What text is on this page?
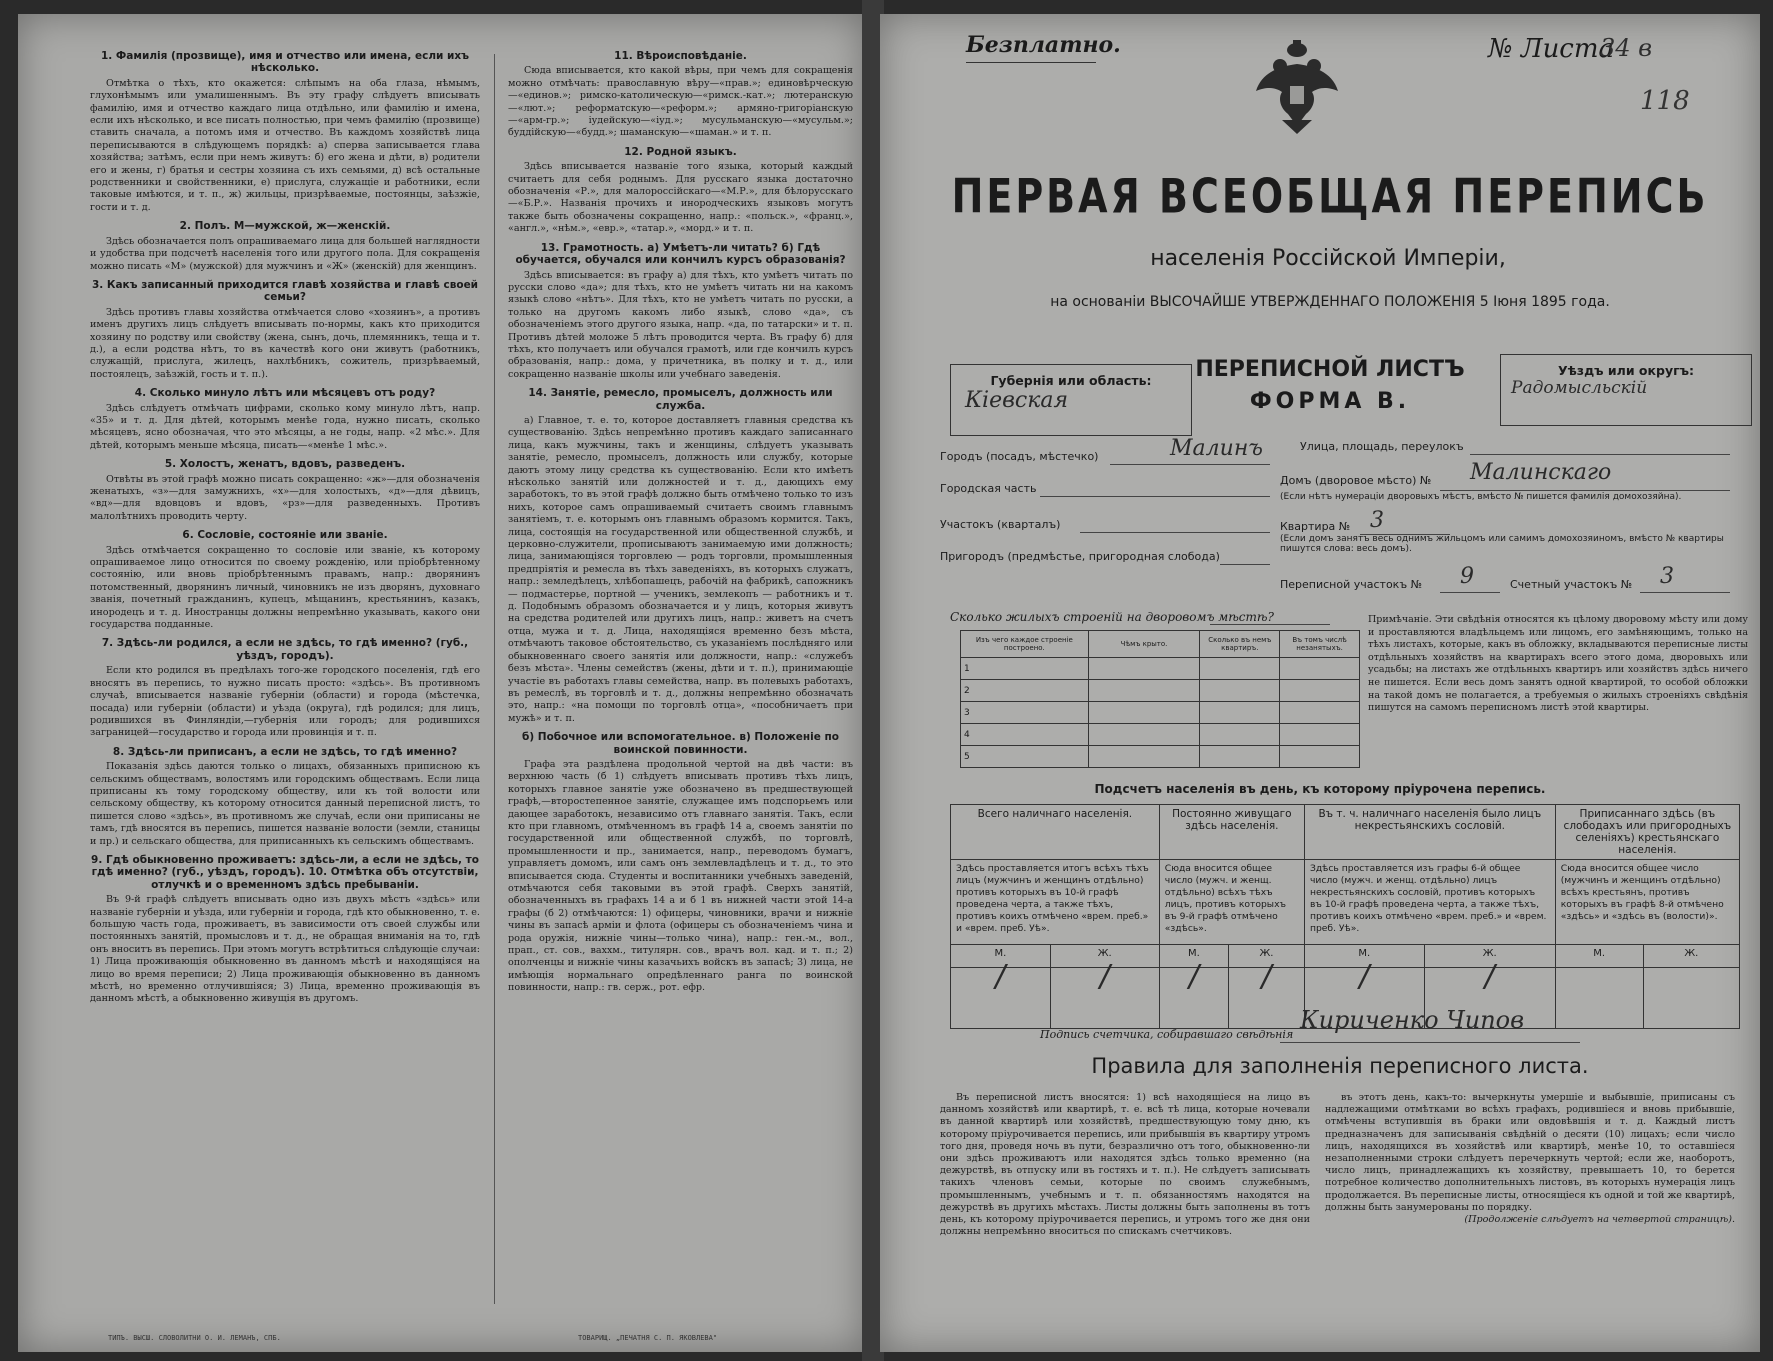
1. Фамилія (прозвище), имя и отчество или имена, если ихъ нѣсколько.

Отмѣтка о тѣхъ, кто окажется: слѣпымъ на оба глаза, нѣмымъ, глухонѣмымъ или умалишеннымъ. Въ эту графу слѣдуетъ вписывать фамилію, имя и отчество каждаго лица отдѣльно, или фамилію и имена, если ихъ нѣсколько, и все писать полностью, при чемъ фамилію (прозвище) ставить сначала, а потомъ имя и отчество. Въ каждомъ хозяйствѣ лица переписываются в слѣдующемъ порядкѣ: а) сперва записывается глава хозяйства; затѣмъ, если при немъ живутъ: б) его жена и дѣти, в) родители его и жены, г) братья и сестры хозяина съ ихъ семьями, д) всѣ остальные родственники и свойственники, е) прислуга, служащіе и работники, если таковые имѣются, и т. п., ж) жильцы, призрѣваемые, постоянцы, заѣзжіе, гости и т. д.

2. Полъ. М—мужской, ж—женскій.

Здѣсь обозначается полъ опрашиваемаго лица для большей наглядности и удобства при подсчетѣ населенія того или другого пола. Для сокращенія можно писать «М» (мужской) для мужчинъ и «Ж» (женскій) для женщинъ.

3. Какъ записанный приходится главѣ хозяйства и главѣ своей семьи?

Здѣсь противъ главы хозяйства отмѣчается слово «хозяинъ», а противъ именъ другихъ лицъ слѣдуетъ вписывать по-нормы, какъ кто приходится хозяину по родству или свойству (жена, сынъ, дочь, племянникъ, теща и т. д.), а если родства нѣтъ, то въ качествѣ кого они живутъ (работникъ, служащій, прислуга, жилецъ, нахлѣбникъ, сожитель, призрѣваемый, постоялецъ, заѣзжій, гость и т. п.).

4. Сколько минуло лѣтъ или мѣсяцевъ отъ роду?

Здѣсь слѣдуетъ отмѣчать цифрами, сколько кому минуло лѣтъ, напр. «35» и т. д. Для дѣтей, которымъ менѣе года, нужно писать, сколько мѣсяцевъ, ясно обозначая, что это мѣсяцы, а не годы, напр. «2 мѣс.». Для дѣтей, которымъ меньше мѣсяца, писать—«менѣе 1 мѣс.».

5. Холостъ, женатъ, вдовъ, разведенъ.

Отвѣты въ этой графѣ можно писать сокращенно: «ж»—для обозначенія женатыхъ, «з»—для замужнихъ, «х»—для холостыхъ, «д»—для дѣвицъ, «вд»—для вдовцовъ и вдовъ, «рз»—для разведенныхъ. Противъ малолѣтнихъ проводить черту.

6. Сословіе, состояніе или званіе.

Здѣсь отмѣчается сокращенно то сословіе или званіе, къ которому опрашиваемое лицо относится по своему рожденію, или пріобрѣтенному состоянію, или вновь пріобрѣтеннымъ правамъ, напр.: дворянинъ потомственный, дворянинъ личный, чиновникъ не изъ дворянъ, духовнаго званія, почетный гражданинъ, купецъ, мѣщанинъ, крестьянинъ, казакъ, инородецъ и т. д. Иностранцы должны непремѣнно указывать, какого они государства подданные.

7. Здѣсь-ли родился, а если не здѣсь, то гдѣ именно? (губ., уѣздъ, городъ).

Если кто родился въ предѣлахъ того-же городского поселенія, гдѣ его вносятъ въ перепись, то нужно писать просто: «здѣсь». Въ противномъ случаѣ, вписывается названіе губерніи (области) и города (мѣстечка, посада) или губерніи (области) и уѣзда (округа), гдѣ родился; для лицъ, родившихся въ Финляндіи,—губернія или городъ; для родившихся заграницей—государство и города или провинція и т. п.

8. Здѣсь-ли приписанъ, а если не здѣсь, то гдѣ именно?

Показанія здѣсь даются только о лицахъ, обязанныхъ приписною къ сельскимъ обществамъ, волостямъ или городскимъ обществамъ. Если лица приписаны къ тому городскому обществу, или къ той волости или сельскому обществу, къ которому относится данный переписной листъ, то пишется слово «здѣсь», въ противномъ же случаѣ, если они приписаны не тамъ, гдѣ вносятся въ перепись, пишется названіе волости (земли, станицы и пр.) и сельскаго общества, для приписанныхъ къ сельскимъ обществамъ.

9. Гдѣ обыкновенно проживаетъ: здѣсь-ли, а если не здѣсь, то гдѣ именно? (губ., уѣздъ, городъ). 10. Отмѣтка объ отсутствіи, отлучкѣ и о временномъ здѣсь пребываніи.

Въ 9-й графѣ слѣдуетъ вписывать одно изъ двухъ мѣстъ «здѣсь» или названіе губерніи и уѣзда, или губерніи и города, гдѣ кто обыкновенно, т. е. большую часть года, проживаетъ, въ зависимости отъ своей службы или постоянныхъ занятій, промысловъ и т. д., не обращая вниманія на то, гдѣ онъ вноситъ въ перепись. При этомъ могутъ встрѣтиться слѣдующіе случаи: 1) Лица проживающія обыкновенно въ данномъ мѣстѣ и находящіяся на лицо во время переписи; 2) Лица проживающія обыкновенно въ данномъ мѣстѣ, но временно отлучившіяся; 3) Лица, временно проживающія въ данномъ мѣстѣ, а обыкновенно живущія въ другомъ.

11. Вѣроисповѣданіе.

Сюда вписывается, кто какой вѣры, при чемъ для сокращенія можно отмѣчать: православную вѣру—«прав.»; единовѣрческую—«единов.»; римско-католическую—«римск.-кат.»; лютеранскую—«лют.»; реформатскую—«реформ.»; армяно-григоріанскую—«арм-гр.»; іудейскую—«іуд.»; мусульманскую—«мусульм.»; буддійскую—«будд.»; шаманскую—«шаман.» и т. п.

12. Родной языкъ.

Здѣсь вписывается названіе того языка, который каждый считаетъ для себя роднымъ. Для русскаго языка достаточно обозначенія «Р.», для малороссійскаго—«М.Р.», для бѣлорусскаго—«Б.Р.». Названія прочихъ и инородческихъ языковъ могутъ также быть обозначены сокращенно, напр.: «польск.», «франц.», «англ.», «нѣм.», «евр.», «татар.», «морд.» и т. п.

13. Грамотность. а) Умѣетъ-ли читать? б) Гдѣ обучается, обучался или кончилъ курсъ образованія?

Здѣсь вписывается: въ графу а) для тѣхъ, кто умѣетъ читать по русски слово «да»; для тѣхъ, кто не умѣетъ читать ни на какомъ языкѣ слово «нѣтъ». Для тѣхъ, кто не умѣетъ читать по русски, а только на другомъ какомъ либо языкѣ, слово «да», съ обозначеніемъ этого другого языка, напр. «да, по татарски» и т. п. Противъ дѣтей моложе 5 лѣтъ проводится черта. Въ графу б) для тѣхъ, кто получаетъ или обучался грамотѣ, или где кончилъ курсъ образованія, напр.: дома, у причетника, въ полку и т. д., или сокращенно названіе школы или учебнаго заведенія.

14. Занятіе, ремесло, промыселъ, должность или служба.

а) Главное, т. е. то, которое доставляетъ главныя средства къ существованію. Здѣсь непремѣнно противъ каждаго записаннаго лица, какъ мужчины, такъ и женщины, слѣдуетъ указывать занятіе, ремесло, промыселъ, должность или службу, которые даютъ этому лицу средства къ существованію. Если кто имѣетъ нѣсколько занятій или должностей и т. д., дающихъ ему заработокъ, то въ этой графѣ должно быть отмѣчено только то изъ нихъ, которое самъ опрашиваемый считаетъ своимъ главнымъ занятіемъ, т. е. которымъ онъ главнымъ образомъ кормится. Такъ, лица, состоящія на государственной или общественной службѣ, и церковно-служители, прописываютъ занимаемую ими должность; лица, занимающіяся торговлею — родъ торговли, промышленныя предпріятія и ремесла въ тѣхъ заведеніяхъ, въ которыхъ служатъ, напр.: земледѣлецъ, хлѣбопашецъ, рабочій на фабрикѣ, сапожникъ — подмастерье, портной — ученикъ, землекопъ — работникъ и т. д. Подобнымъ образомъ обозначается и у лицъ, которыя живутъ на средства родителей или другихъ лицъ, напр.: живетъ на счетъ отца, мужа и т. д. Лица, находящіяся временно безъ мѣста, отмѣчаютъ таковое обстоятельство, съ указаніемъ послѣдняго или обыкновеннаго своего занятія или должности, напр.: «служебъ безъ мѣста». Члены семействъ (жены, дѣти и т. п.), принимающіе участіе въ работахъ главы семейства, напр. въ полевыхъ работахъ, въ ремеслѣ, въ торговлѣ и т. д., должны непремѣнно обозначать это, напр.: «на помощи по торговлѣ отца», «пособничаетъ при мужѣ» и т. п.

б) Побочное или вспомогательное. в) Положеніе по воинской повинности.

Графа эта раздѣлена продольной чертой на двѣ части: въ верхнюю часть (б 1) слѣдуетъ вписывать противъ тѣхъ лицъ, которыхъ главное занятіе уже обозначено въ предшествующей графѣ,—второстепенное занятіе, служащее имъ подспорьемъ или дающее заработокъ, независимо отъ главнаго занятія. Такъ, если кто при главномъ, отмѣченномъ въ графѣ 14 а, своемъ занятіи по государственной или общественной службѣ, по торговлѣ, промышленности и пр., занимается, напр., переводомъ бумагъ, управляетъ домомъ, или самъ онъ землевладѣлецъ и т. д., то это вписывается сюда. Студенты и воспитанники учебныхъ заведеній, отмѣчаются себя таковыми въ этой графѣ. Сверхъ занятій, обозначенныхъ въ графахъ 14 а и б 1 въ нижней части этой 14-а графы (б 2) отмѣчаются: 1) офицеры, чиновники, врачи и нижніе чины въ запасѣ арміи и флота (офицеры съ обозначеніемъ чина и рода оружія, нижніе чины—только чина), напр.: ген.-м., вол., прап., ст. сов., ваххм., титулярн. сов., врачъ вол. кад. и т. п.; 2) ополченцы и нижніе чины казачьихъ войскъ въ запасѣ; 3) лица, не имѣющія нормальнаго опредѣленнаго ранга по воинской повинности, напр.: гв. серж., рот. ефр.

ТИПЪ. ВЫСШ. СЛОВОЛИТНИ О. И. ЛЕМАНЪ, СПБ.	ТОВАРИЩ. „ПЕЧАТНЯ С. П. ЯКОВЛЕВА"
Безплатно.	№ Листа
34 в
118
ПЕРВАЯ ВСЕОБЩАЯ ПЕРЕПИСЬ
населенія Россійской Имперіи,
на основаніи ВЫСОЧАЙШЕ УТВЕРЖДЕННАГО ПОЛОЖЕНІЯ 5 Іюня 1895 года.
Губернія или область:
Кіевская
ПЕРЕПИСНОЙ ЛИСТЪ
ФОРМА В.
Уѣздъ или округъ:
Радомысльскій
Городъ (посадъ, мѣстечко)	Малинъ
Городская часть
Участокъ (кварталъ)
Пригородъ (предмѣстье, пригородная слобода)
Улица, площадь, переулокъ
Домъ (дворовое мѣсто) № Малинскаго
(Если нѣтъ нумераціи дворовыхъ мѣстъ, вмѣсто № пишется фамилія домохозяйна).
Квартира № 3
(Если домъ занятъ весь однимъ жильцомъ или самимъ домохозяиномъ, вмѣсто № квартиры пишутся слова: весь домъ).
Переписной участокъ № 9	Счетный участокъ № 3
Сколько жилыхъ строеній на дворовомъ мѣстѣ?
Изъ чего каждое строеніе построено.	Чѣмъ крыто.	Сколько въ немъ квартиръ.	Въ томъ числѣ незанятыхъ.
1			
2			
3			
4			
5			
Примѣчаніе. Эти свѣдѣнія относятся къ цѣлому дворовому мѣсту или дому и проставляются владѣльцемъ или лицомъ, его замѣняющимъ, только на тѣхъ листахъ, которые, какъ въ обложку, вкладываются переписные листы отдѣльныхъ хозяйствъ на квартирахъ всего этого дома, дворовыхъ или усадьбы; на листахъ же отдѣльныхъ квартиръ или хозяйствъ здѣсь ничего не пишется. Если весь домъ занятъ одной квартирой, то особой обложки на такой домъ не полагается, а требуемыя о жилыхъ строеніяхъ свѣдѣнія пишутся на самомъ переписномъ листѣ этой квартиры.
Подсчетъ населенія въ день, къ которому пріурочена перепись.
Всего наличнаго населенія.		Постоянно живущаго здѣсь населенія.		Въ т. ч. наличнаго населенія было лицъ некрестьянскихъ сословій.		Приписаннаго здѣсь (въ слободахъ или пригородныхъ селеніяхъ) крестьянскаго населенія.	
Здѣсь проставляется итогъ всѣхъ тѣхъ лицъ (мужчинъ и женщинъ отдѣльно) противъ которыхъ въ 10-й графѣ проведена черта, а также тѣхъ, противъ коихъ отмѣчено «врем. преб.» и «врем. преб. Уѣ».		Сюда вносится общее число (мужч. и женщ. отдѣльно) всѣхъ тѣхъ лицъ, противъ которыхъ въ 9-й графѣ отмѣчено «здѣсь».		Здѣсь проставляется изъ графы 6-й общее число (мужч. и женщ. отдѣльно) лицъ некрестьянскихъ сословій, противъ которыхъ въ 10-й графѣ проведена черта, а также тѣхъ, противъ коихъ отмѣчено «врем. преб.» и «врем. преб. Уѣ».		Сюда вносится общее число (мужчинъ и женщинъ отдѣльно) всѣхъ крестьянъ, противъ которыхъ въ графѣ 8-й отмѣчено «здѣсь» и «здѣсь въ (волости)».	
М.	Ж.	М.	Ж.	М.	Ж.	М.	Ж.
/	/	/	/	/	/		
Подпись счетчика, собиравшаго свѣдѣнія
Кириченко Чипов
Правила для заполненія переписного листа.

Въ переписной листъ вносятся: 1) всѣ находящіеся на лицо въ данномъ хозяйствѣ или квартирѣ, т. е. всѣ тѣ лица, которые ночевали въ данной квартирѣ или хозяйствѣ, предшествующую тому дню, къ которому пріурочивается перепись, или прибывшія въ квартиру утромъ того дня, проведя ночь въ пути, безразлично отъ того, обыкновенно-ли они здѣсь проживаютъ или находятся здѣсь только временно (на дежурствѣ, въ отпуску или въ гостяхъ и т. п.). Не слѣдуетъ записывать такихъ членовъ семьи, которые по своимъ служебнымъ, промышленнымъ, учебнымъ и т. п. обязанностямъ находятся на дежурствѣ въ другихъ мѣстахъ. Листы должны быть заполнены въ тотъ день, къ которому пріурочивается перепись, и утромъ того же дня они должны непремѣнно вноситься по спискамъ счетчиковъ.

въ этотъ день, какъ-то: вычеркнуты умершіе и выбывшіе, приписаны съ надлежащими отмѣтками во всѣхъ графахъ, родившіеся и вновь прибывшіе, отмѣчены вступившія въ браки или овдовѣвшія и т. д. Каждый листъ предназначенъ для записыванія свѣдѣній о десяти (10) лицахъ; если число лицъ, находящихся въ хозяйствѣ или квартирѣ, менѣе 10, то оставшіеся незаполненными строки слѣдуетъ перечеркнуть чертой; если же, наоборотъ, число лицъ, принадлежащихъ къ хозяйству, превышаетъ 10, то берется потребное количество дополнительныхъ листовъ, въ которыхъ нумерація лицъ продолжается. Въ переписные листы, относящіеся къ одной и той же квартирѣ, должны быть занумерованы по порядку.

(Продолженіе слѣдуетъ на четвертой страницѣ).
